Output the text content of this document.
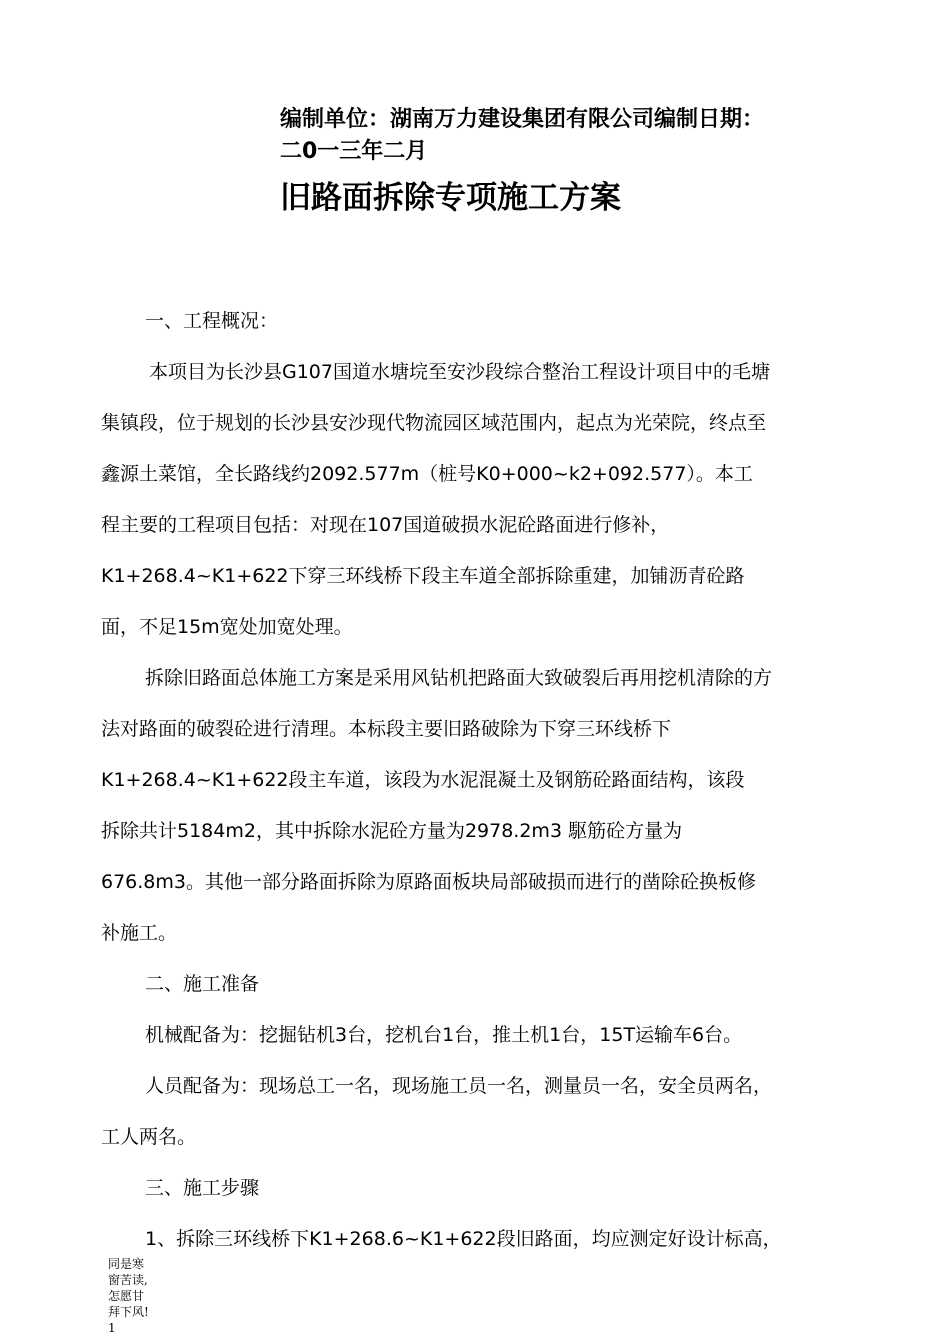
编制单位：湖南万力建设集团有限公司编制日期：
二0一三年二月
旧路面拆除专项施工方案
一、工程概况：
本项目为长沙县G107国道水塘垸至安沙段综合整治工程设计项目中的毛塘
集镇段，位于规划的长沙县安沙现代物流园区域范围内，起点为光荣院，终点至
鑫源土菜馆，全长路线约2092.577m（桩号K0+000~k2+092.577）。本工
程主要的工程项目包括：对现在107国道破损水泥砼路面进行修补，
K1+268.4~K1+622下穿三环线桥下段主车道全部拆除重建，加铺沥青砼路
面，不足15m宽处加宽处理。
拆除旧路面总体施工方案是采用风钻机把路面大致破裂后再用挖机清除的方
法对路面的破裂砼进行清理。本标段主要旧路破除为下穿三环线桥下
K1+268.4~K1+622段主车道，该段为水泥混凝土及钢筋砼路面结构，该段
拆除共计5184m2，其中拆除水泥砼方量为2978.2m3 駆筋砼方量为
676.8m3。其他一部分路面拆除为原路面板块局部破损而进行的凿除砼换板修
补施工。
二、施工准备
机械配备为：挖掘钻机3台，挖机台1台，推土机1台，15T运输车6台。
人员配备为：现场总工一名，现场施工员一名，测量员一名，安全员两名，
工人两名。
三、施工步骤
1、拆除三环线桥下K1+268.6~K1+622段旧路面，均应测定好设计标高，
同是寒
窗苦读,
怎愿甘
拜下风!
1
